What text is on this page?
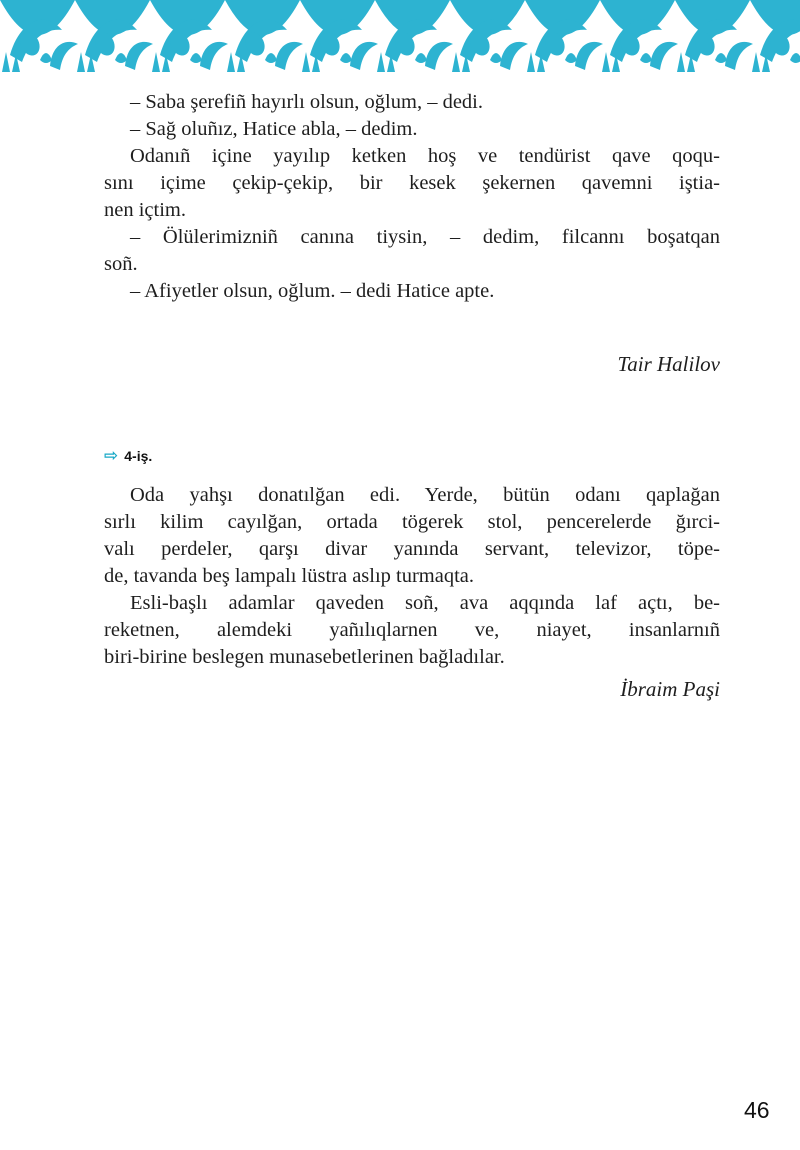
– Saba şerefiñ hayırlı olsun, oğlum, – dedi.

– Sağ oluñız, Hatice abla, – dedim.

Odanıñ içine yayılıp ketken hoş ve tendürist qave qoqu-
sını içime çekip-çekip, bir kesek şekernen qavemni iştia-
nen içtim.

– Ölülerimizniñ canına tiysin, – dedim, filcannı boşatqan
soñ.

– Afiyetler olsun, oğlum. – dedi Hatice apte.

Tair Halilov

⇨ 4-iş.

Oda yahşı donatılğan edi. Yerde, bütün odanı qaplağan
sırlı kilim cayılğan, ortada tögerek stol, pencerelerde ğırci-
valı perdeler, qarşı divar yanında servant, televizor, töpe-
de, tavanda beş lampalı lüstra aslıp turmaqta.

Esli-başlı adamlar qaveden soñ, ava aqqında laf açtı, be-
reketnen, alemdeki yañılıqlarnen ve, niayet, insanlarnıñ
biri-birine beslegen munasebetlerinen bağladılar.

İbraim Paşi

46
